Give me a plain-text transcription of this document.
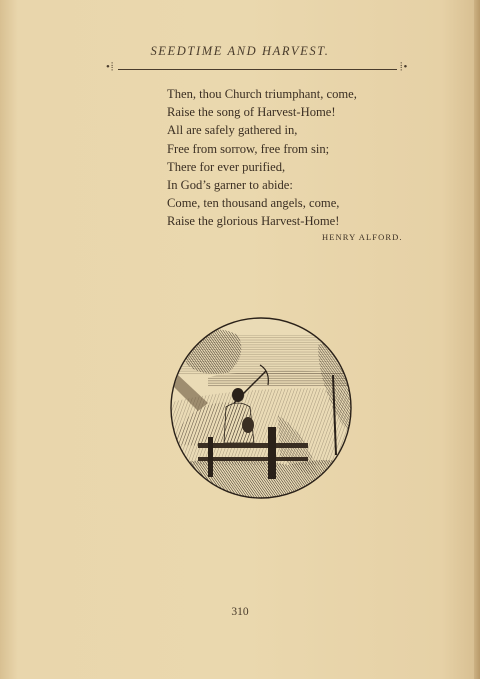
SEEDTIME AND HARVEST.
•⦙	⦙•
Then, thou Church triumphant, come,
Raise the song of Harvest-Home!
All are safely gathered in,
Free from sorrow, free from sin;
There for ever purified,
In God’s garner to abide:
Come, ten thousand angels, come,
Raise the glorious Harvest-Home!
HENRY ALFORD.
310
